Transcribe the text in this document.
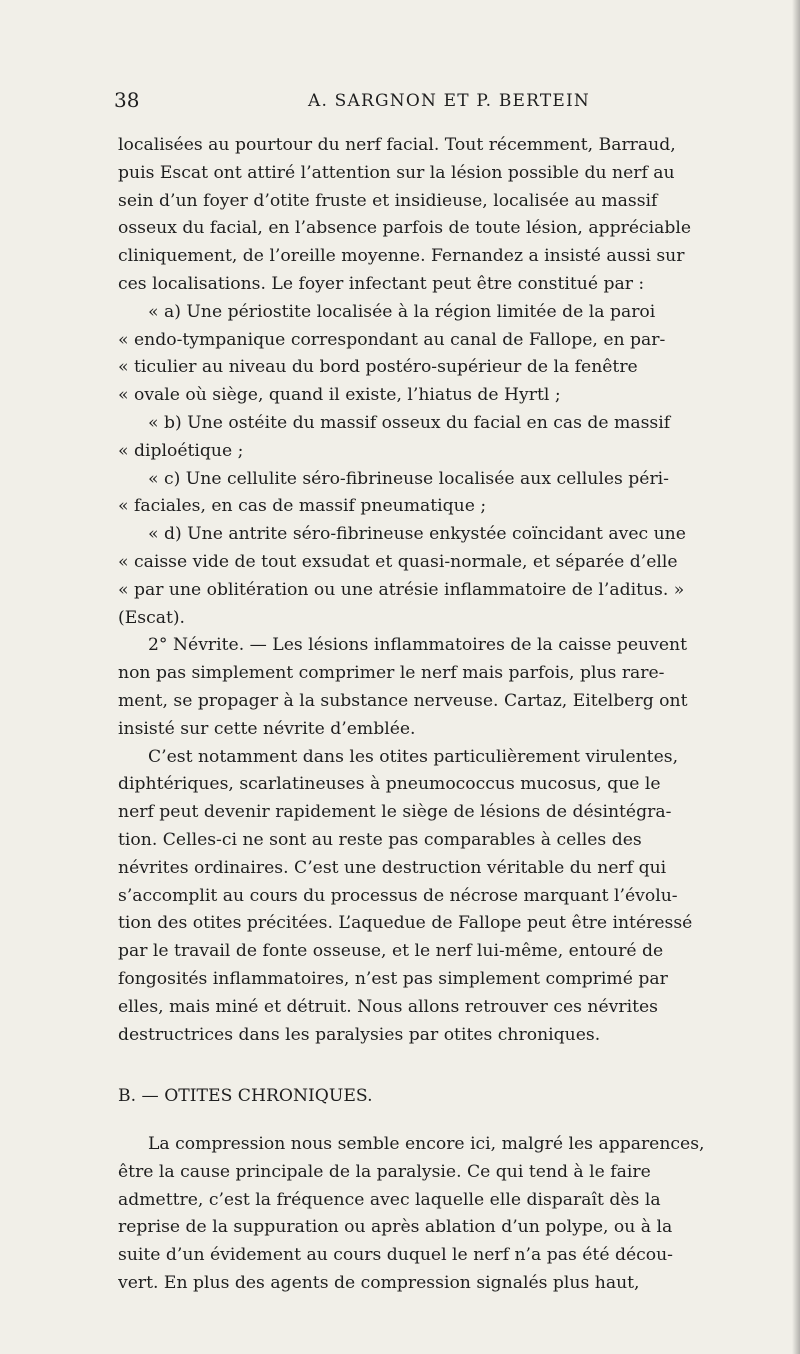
38	A. SARGNON ET P. BERTEIN
localisées au pourtour du nerf facial. Tout récemment, Barraud,
puis Escat ont attiré l’attention sur la lésion possible du nerf au
sein d’un foyer d’otite fruste et insidieuse, localisée au massif
osseux du facial, en l’absence parfois de toute lésion, appréciable
cliniquement, de l’oreille moyenne. Fernandez a insisté aussi sur
ces localisations. Le foyer infectant peut être constitué par :
« a) Une périostite localisée à la région limitée de la paroi
« endo-tympanique correspondant au canal de Fallope, en par-
« ticulier au niveau du bord postéro-supérieur de la fenêtre
« ovale où siège, quand il existe, l’hiatus de Hyrtl ;
« b) Une ostéite du massif osseux du facial en cas de massif
« diploétique ;
« c) Une cellulite séro-fibrineuse localisée aux cellules péri-
« faciales, en cas de massif pneumatique ;
« d) Une antrite séro-fibrineuse enkystée coïncidant avec une
« caisse vide de tout exsudat et quasi-normale, et séparée d’elle
« par une oblitération ou une atrésie inflammatoire de l’aditus. »
(Escat).
2° Névrite. — Les lésions inflammatoires de la caisse peuvent
non pas simplement comprimer le nerf mais parfois, plus rare-
ment, se propager à la substance nerveuse. Cartaz, Eitelberg ont
insisté sur cette névrite d’emblée.
C’est notamment dans les otites particulièrement virulentes,
diphtériques, scarlatineuses à pneumococcus mucosus, que le
nerf peut devenir rapidement le siège de lésions de désintégra-
tion. Celles-ci ne sont au reste pas comparables à celles des
névrites ordinaires. C’est une destruction véritable du nerf qui
s’accomplit au cours du processus de nécrose marquant l’évolu-
tion des otites précitées. L’aquedue de Fallope peut être intéressé
par le travail de fonte osseuse, et le nerf lui-même, entouré de
fongosités inflammatoires, n’est pas simplement comprimé par
elles, mais miné et détruit. Nous allons retrouver ces névrites
destructrices dans les paralysies par otites chroniques.
B. — OTITES CHRONIQUES.
La compression nous semble encore ici, malgré les apparences,
être la cause principale de la paralysie. Ce qui tend à le faire
admettre, c’est la fréquence avec laquelle elle disparaît dès la
reprise de la suppuration ou après ablation d’un polype, ou à la
suite d’un évidement au cours duquel le nerf n’a pas été décou-
vert. En plus des agents de compression signalés plus haut,
